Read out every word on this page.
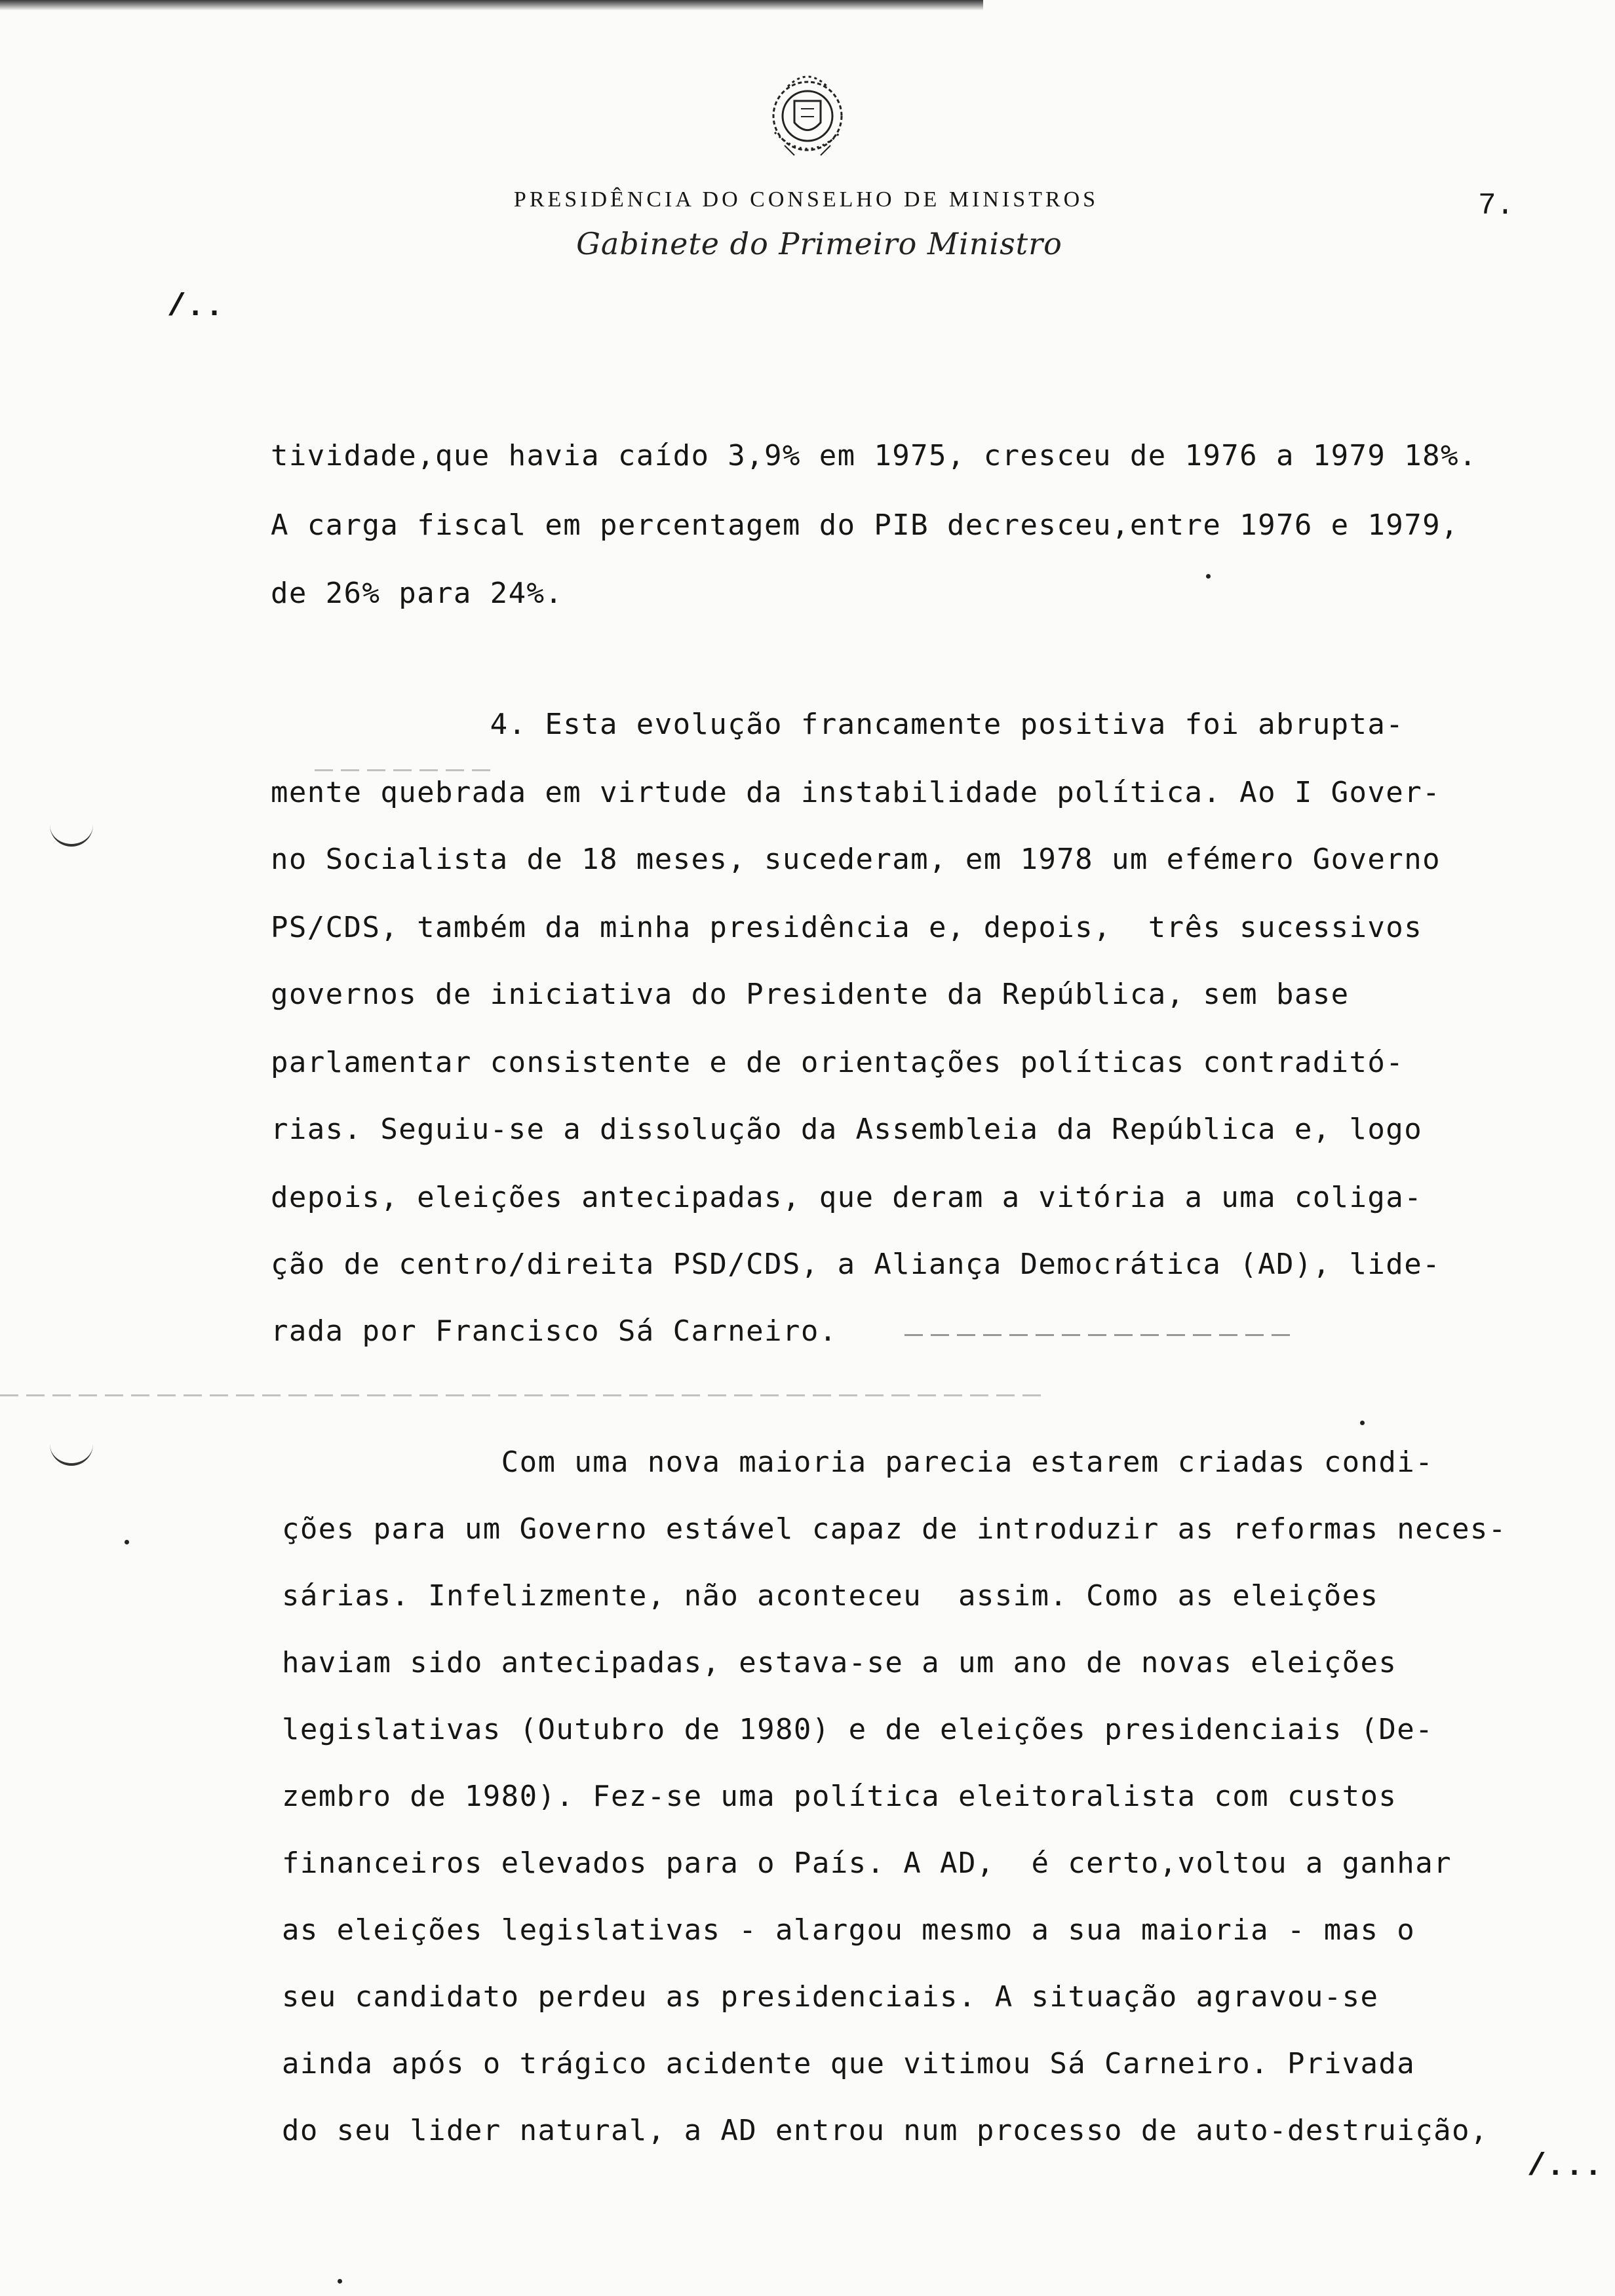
PRESIDÊNCIA DO CONSELHO DE MINISTROS
Gabinete do Primeiro Ministro
7.
/..
tividade,que havia caído 3,9% em 1975, cresceu de 1976 a 1979 18%.
A carga fiscal em percentagem do PIB decresceu,entre 1976 e 1979,
de 26% para 24%.
4. Esta evolução francamente positiva foi abrupta-
mente quebrada em virtude da instabilidade política. Ao I Gover-
no Socialista de 18 meses, sucederam, em 1978 um efémero Governo
PS/CDS, também da minha presidência e, depois,  três sucessivos
governos de iniciativa do Presidente da República, sem base
parlamentar consistente e de orientações políticas contraditó-
rias. Seguiu-se a dissolução da Assembleia da República e, logo
depois, eleições antecipadas, que deram a vitória a uma coliga-
ção de centro/direita PSD/CDS, a Aliança Democrática (AD), lide-
rada por Francisco Sá Carneiro.
Com uma nova maioria parecia estarem criadas condi-
ções para um Governo estável capaz de introduzir as reformas neces-
sárias. Infelizmente, não aconteceu  assim. Como as eleições
haviam sido antecipadas, estava-se a um ano de novas eleições
legislativas (Outubro de 1980) e de eleições presidenciais (De-
zembro de 1980). Fez-se uma política eleitoralista com custos
financeiros elevados para o País. A AD,  é certo,voltou a ganhar
as eleições legislativas - alargou mesmo a sua maioria - mas o
seu candidato perdeu as presidenciais. A situação agravou-se
ainda após o trágico acidente que vitimou Sá Carneiro. Privada
do seu lider natural, a AD entrou num processo de auto-destruição,
/...
